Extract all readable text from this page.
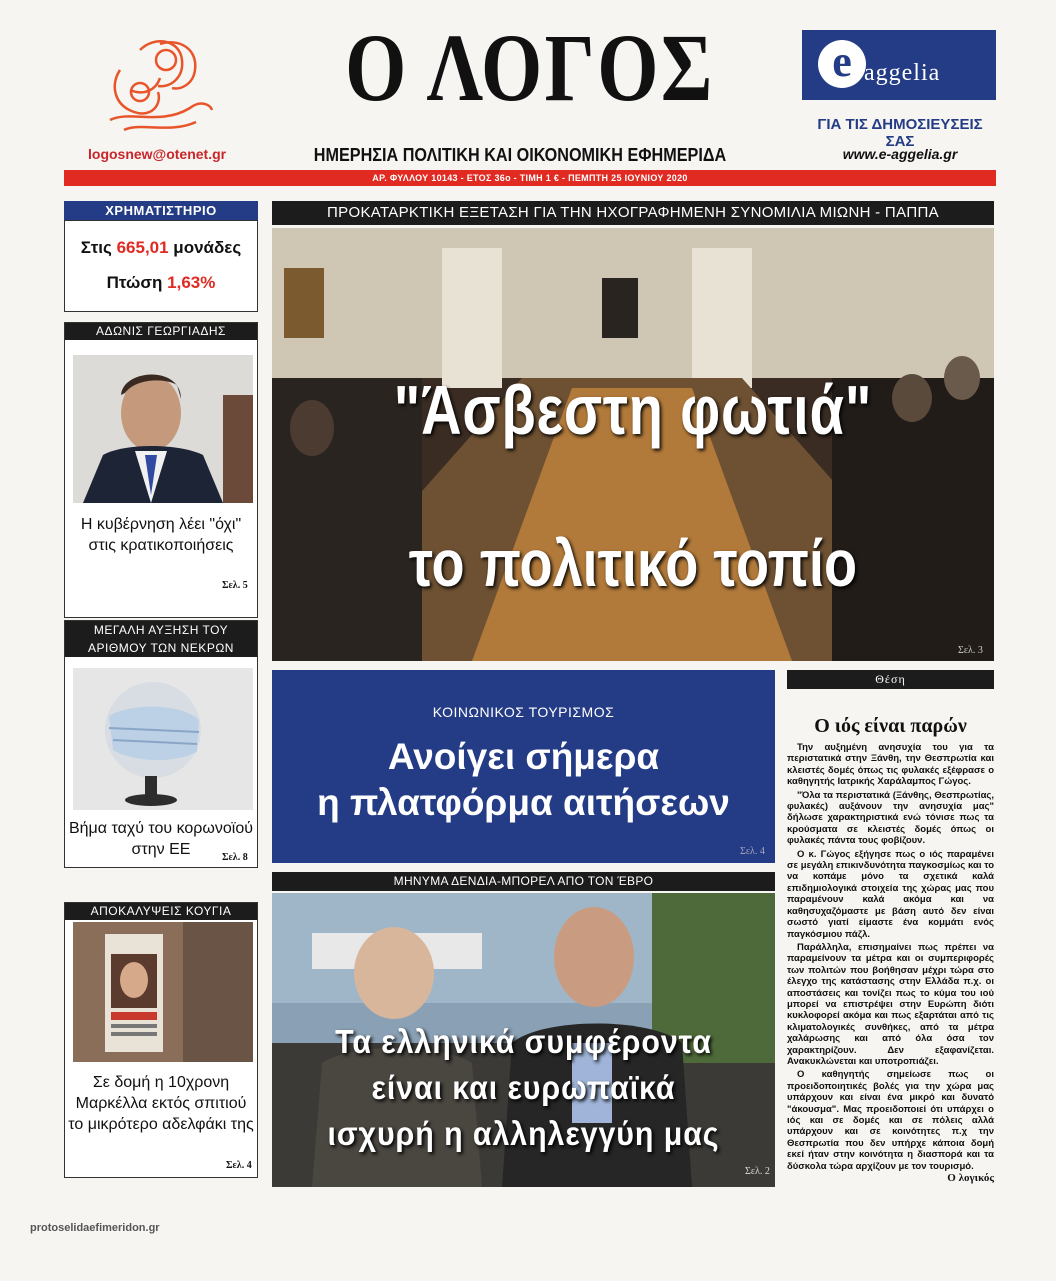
logosnew@otenet.gr
Ο ΛΟΓΟΣ
ΗΜΕΡΗΣΙΑ ΠΟΛΙΤΙΚΗ ΚΑΙ ΟΙΚΟΝΟΜΙΚΗ ΕΦΗΜΕΡΙΔΑ
e aggelia
ΓΙΑ ΤΙΣ ΔΗΜΟΣΙΕΥΣΕΙΣ ΣΑΣ
www.e-aggelia.gr
ΑΡ. ΦΥΛΛΟΥ 10143 - ΕΤΟΣ 36ο - ΤΙΜΗ 1 € - ΠΕΜΠΤΗ 25 ΙΟΥΝΙΟΥ 2020
ΧΡΗΜΑΤΙΣΤΗΡΙΟ
Στις 665,01 μονάδες
Πτώση 1,63%
ΑΔΩΝΙΣ ΓΕΩΡΓΙΑΔΗΣ
Η κυβέρνηση λέει "όχι" στις κρατικοποιήσεις
Σελ. 5
ΜΕΓΑΛΗ ΑΥΞΗΣΗ ΤΟΥ ΑΡΙΘΜΟΥ ΤΩΝ ΝΕΚΡΩΝ
Βήμα ταχύ του κορωνοϊού στην ΕΕ	Σελ. 8
ΑΠΟΚΑΛΥΨΕΙΣ ΚΟΥΓΙΑ
Σε δομή η 10χρονη Μαρκέλλα εκτός σπιτιού το μικρότερο αδελφάκι της
Σελ. 4
ΠΡΟΚΑΤΑΡΚΤΙΚΗ ΕΞΕΤΑΣΗ ΓΙΑ ΤΗΝ ΗΧΟΓΡΑΦΗΜΕΝΗ ΣΥΝΟΜΙΛΙΑ ΜΙΩΝΗ - ΠΑΠΠΑ
"Άσβεστη φωτιά"
το πολιτικό τοπίο
Σελ. 3
ΚΟΙΝΩΝΙΚΟΣ ΤΟΥΡΙΣΜΟΣ
Ανοίγει σήμερα
η πλατφόρμα αιτήσεων
Σελ. 4
ΜΗΝΥΜΑ ΔΕΝΔΙΑ-ΜΠΟΡΕΛ ΑΠΟ ΤΟΝ ΈΒΡΟ
Τα ελληνικά συμφέροντα
είναι και ευρωπαϊκά
ισχυρή η αλληλεγγύη μας
Σελ. 2
Θέση
Ο ιός είναι παρών

Την αυξημένη ανησυχία του για τα περιστατικά στην Ξάνθη, την Θεσπρωτία και κλειστές δομές όπως τις φυλακές εξέφρασε ο καθηγητής Ιατρικής Χαράλαμπος Γώγος.

"Όλα τα περιστατικά (Ξάνθης, Θεσπρωτίας, φυλακές) αυξάνουν την ανησυχία μας" δήλωσε χαρακτηριστικά ενώ τόνισε πως τα κρούσματα σε κλειστές δομές όπως οι φυλακές πάντα τους φοβίζουν.

Ο κ. Γώγος εξήγησε πως ο ιός παραμένει σε μεγάλη επικινδυνότητα παγκοσμίως και το να κοπάμε μόνο τα σχετικά καλά επιδημιολογικά στοιχεία της χώρας μας που παραμένουν καλά ακόμα και να καθησυχαζόμαστε με βάση αυτό δεν είναι σωστό γιατί είμαστε ένα κομμάτι ενός παγκόσμιου πάζλ.

Παράλληλα, επισημαίνει πως πρέπει να παραμείνουν τα μέτρα και οι συμπεριφορές των πολιτών που βοήθησαν μέχρι τώρα στο έλεγχο της κατάστασης στην Ελλάδα π.χ. οι αποστάσεις και τονίζει πως το κύμα του ιού μπορεί να επιστρέψει στην Ευρώπη διότι κυκλοφορεί ακόμα και πως εξαρτάται από τις κλιματολογικές συνθήκες, από τα μέτρα χαλάρωσης και από όλα όσα τον χαρακτηρίζουν. Δεν εξαφανίζεται. Ανακυκλώνεται και υποτροπιάζει.

Ο καθηγητής σημείωσε πως οι προειδοποιητικές βολές για την χώρα μας υπάρχουν και είναι ένα μικρό και δυνατό "άκουσμα". Μας προειδοποιεί ότι υπάρχει ο ιός και σε δομές και σε πόλεις αλλά υπάρχουν και σε κοινότητες π.χ την Θεσπρωτία που δεν υπήρχε κάποια δομή εκεί ήταν στην κοινότητα η διασπορά και τα δύσκολα τώρα αρχίζουν με τον τουρισμό.

Ο λογικός
protoselidaefimeridon.gr
